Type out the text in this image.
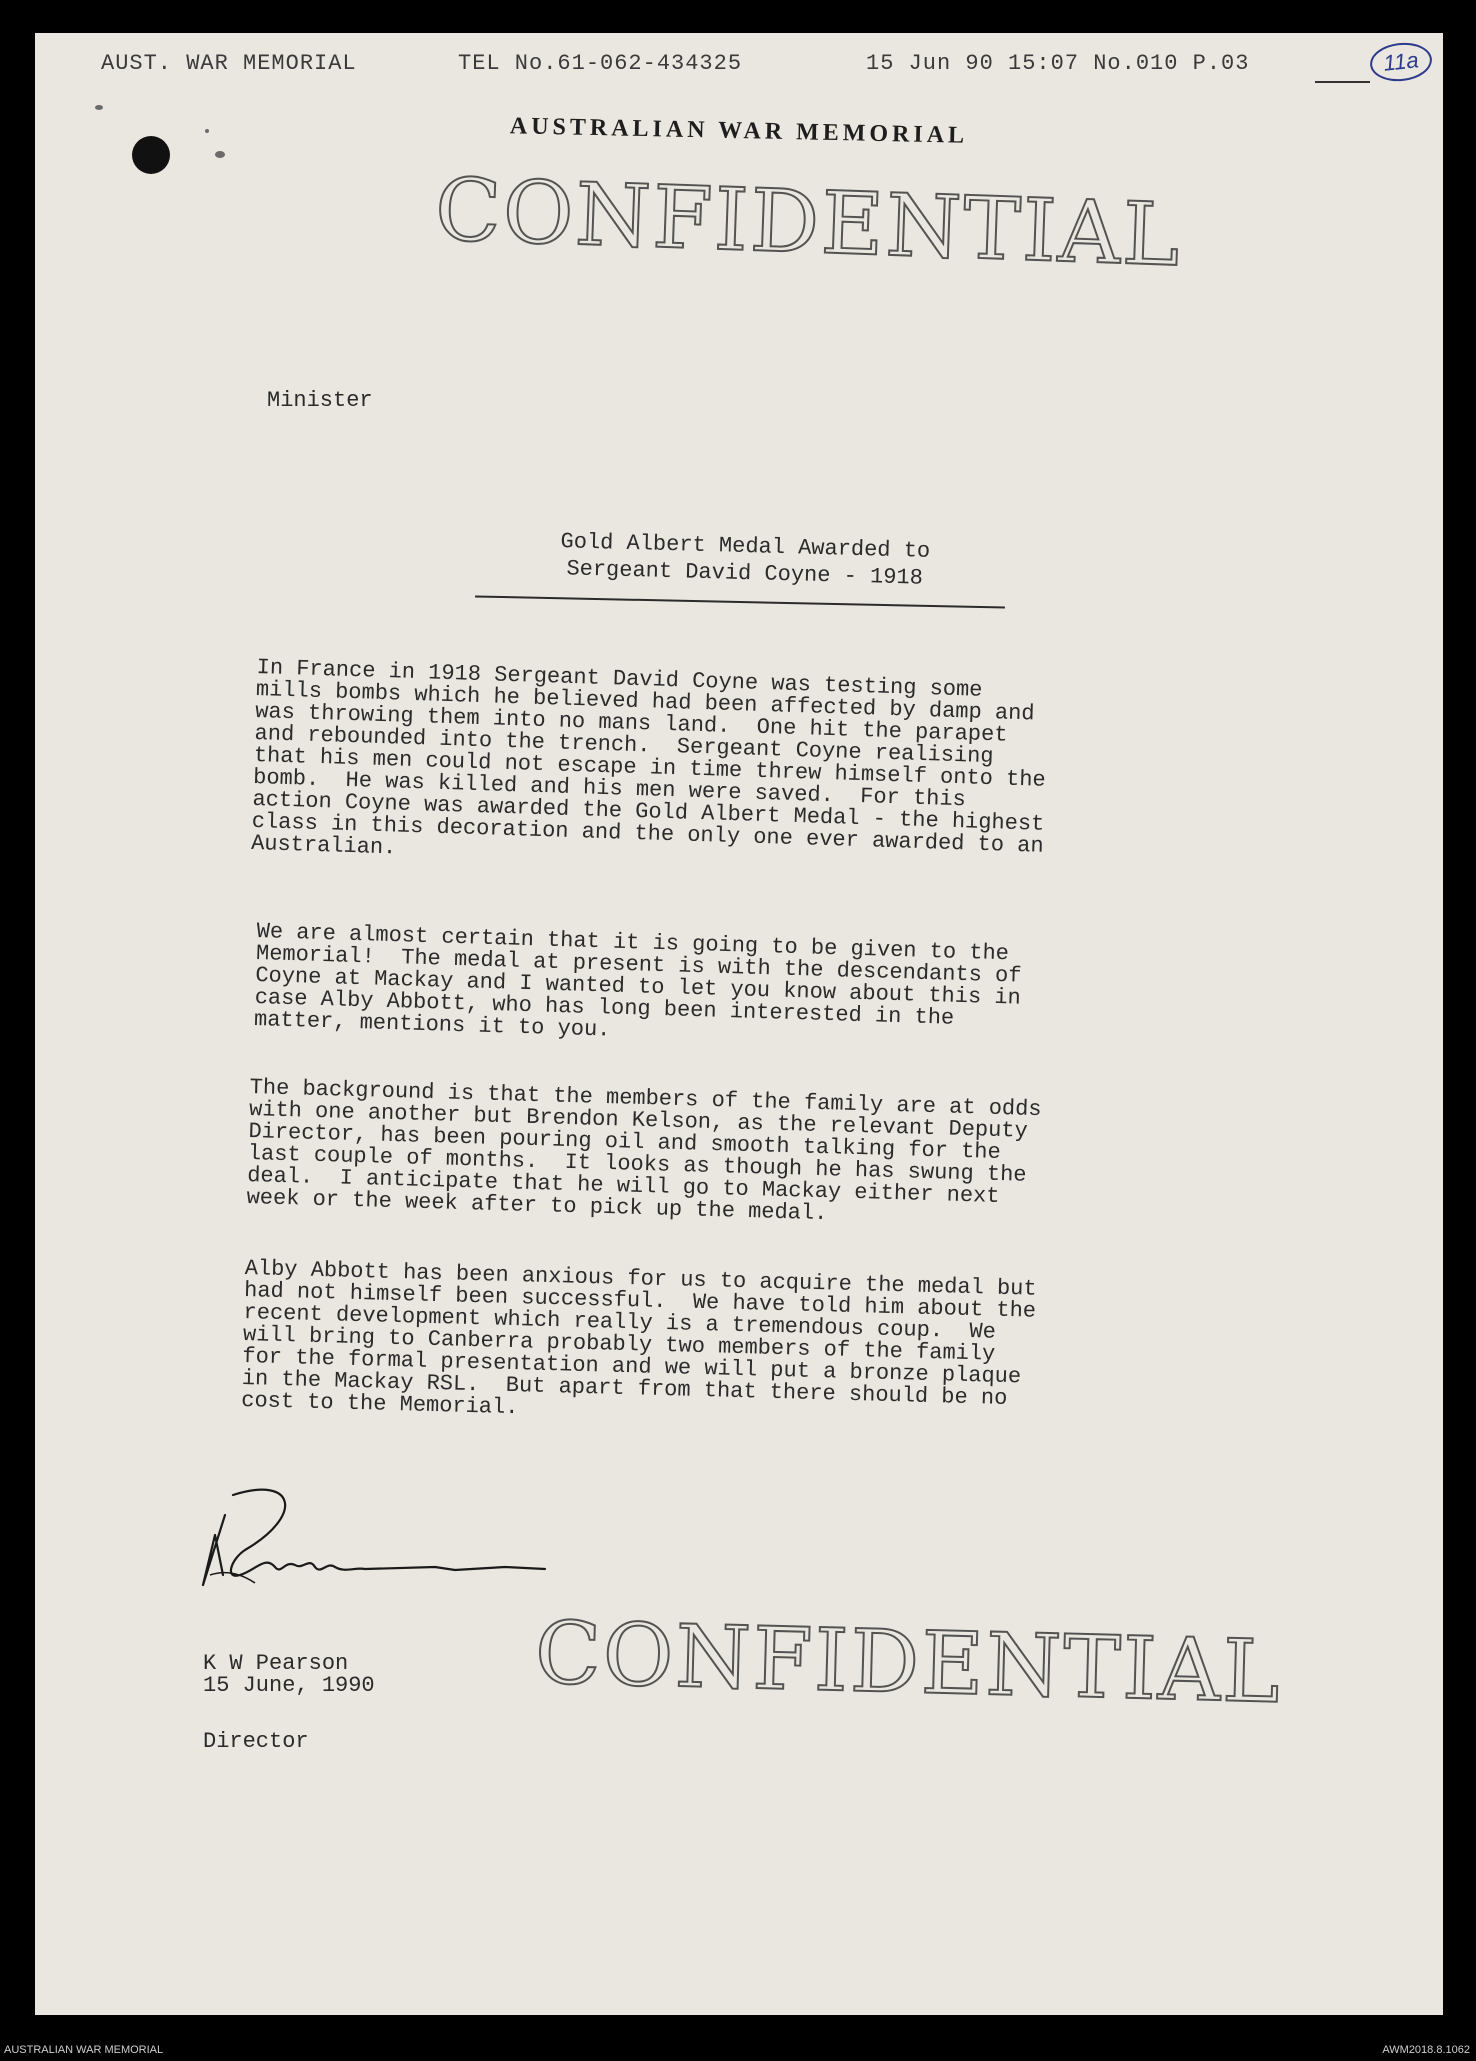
AUST. WAR MEMORIAL	TEL No.61-062-434325	15 Jun 90 15:07 No.010 P.03	11a
AUSTRALIAN WAR MEMORIAL
CONFIDENTIAL
Minister
Gold Albert Medal Awarded to
Sergeant David Coyne - 1918
In France in 1918 Sergeant David Coyne was testing some
mills bombs which he believed had been affected by damp and
was throwing them into no mans land.  One hit the parapet
and rebounded into the trench.  Sergeant Coyne realising
that his men could not escape in time threw himself onto the
bomb.  He was killed and his men were saved.  For this
action Coyne was awarded the Gold Albert Medal - the highest
class in this decoration and the only one ever awarded to an
Australian.
We are almost certain that it is going to be given to the
Memorial!  The medal at present is with the descendants of
Coyne at Mackay and I wanted to let you know about this in
case Alby Abbott, who has long been interested in the
matter, mentions it to you.
The background is that the members of the family are at odds
with one another but Brendon Kelson, as the relevant Deputy
Director, has been pouring oil and smooth talking for the
last couple of months.  It looks as though he has swung the
deal.  I anticipate that he will go to Mackay either next
week or the week after to pick up the medal.
Alby Abbott has been anxious for us to acquire the medal but
had not himself been successful.  We have told him about the
recent development which really is a tremendous coup.  We
will bring to Canberra probably two members of the family
for the formal presentation and we will put a bronze plaque
in the Mackay RSL.  But apart from that there should be no
cost to the Memorial.

K W Pearson

Director

15 June, 1990 CONFIDENTIAL
AUSTRALIAN WAR MEMORIAL	AWM2018.8.1062
